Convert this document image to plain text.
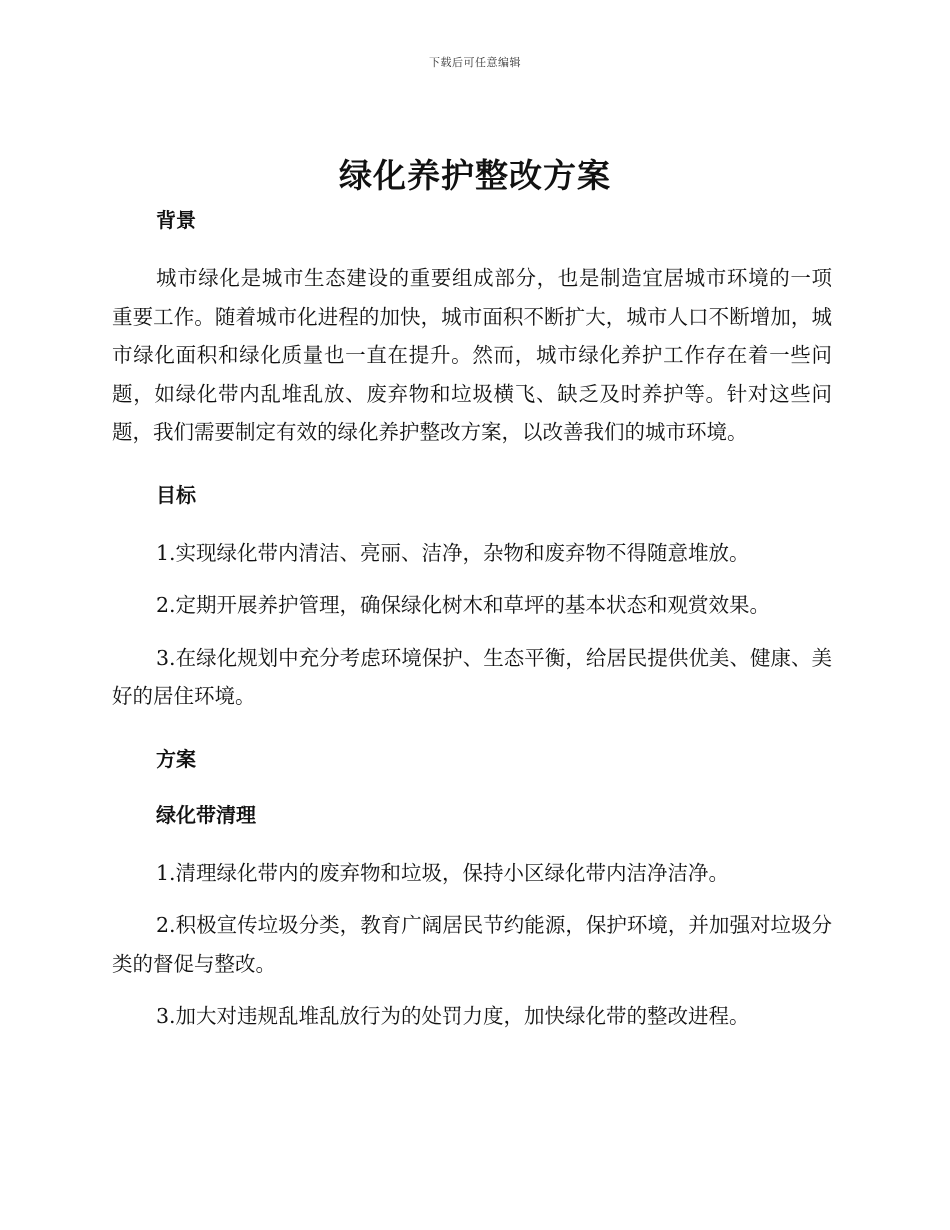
下载后可任意编辑
绿化养护整改方案
背景

城市绿化是城市生态建设的重要组成部分，也是制造宜居城市环境的一项重要工作。随着城市化进程的加快，城市面积不断扩大，城市人口不断增加，城市绿化面积和绿化质量也一直在提升。然而，城市绿化养护工作存在着一些问题，如绿化带内乱堆乱放、废弃物和垃圾横飞、缺乏及时养护等。针对这些问题，我们需要制定有效的绿化养护整改方案，以改善我们的城市环境。

目标

1.实现绿化带内清洁、亮丽、洁净，杂物和废弃物不得随意堆放。

2.定期开展养护管理，确保绿化树木和草坪的基本状态和观赏效果。

3.在绿化规划中充分考虑环境保护、生态平衡，给居民提供优美、健康、美好的居住环境。

方案
绿化带清理

1.清理绿化带内的废弃物和垃圾，保持小区绿化带内洁净洁净。

2.积极宣传垃圾分类，教育广阔居民节约能源，保护环境，并加强对垃圾分类的督促与整改。

3.加大对违规乱堆乱放行为的处罚力度，加快绿化带的整改进程。
